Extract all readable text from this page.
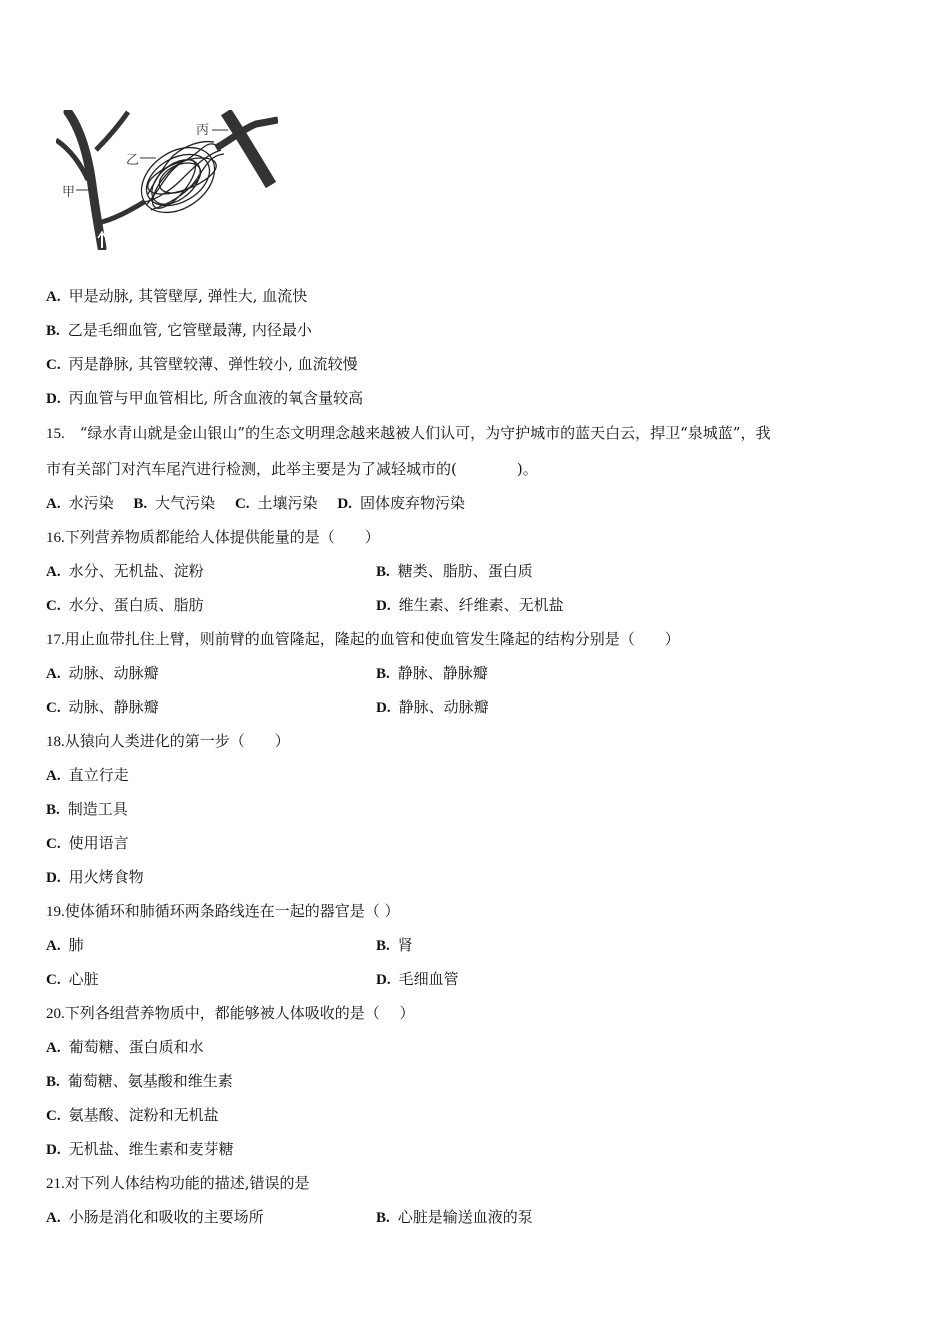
甲
乙
丙
A. 甲是动脉, 其管壁厚, 弹性大, 血流快
B. 乙是毛细血管, 它管壁最薄, 内径最小
C. 丙是静脉, 其管壁较薄、弹性较小, 血流较慢
D. 丙血管与甲血管相比, 所含血液的氧含量较高
15.　 “绿水青山就是金山银山”的生态文明理念越来越被人们认可，为守护城市的蓝天白云，捍卫“泉城蓝”，我
市有关部门对汽车尾汽进行检测，此举主要是为了减轻城市的(　　　　)。
A. 水污染　 B. 大气污染　 C. 土壤污染　 D. 固体废弃物污染
16.下列营养物质都能给人体提供能量的是（　　）
A. 水分、无机盐、淀粉	B. 糖类、脂肪、蛋白质
C. 水分、蛋白质、脂肪	D. 维生素、纤维素、无机盐
17.用止血带扎住上臂，则前臂的血管隆起，隆起的血管和使血管发生隆起的结构分别是（　　）
A. 动脉、动脉瓣	B. 静脉、静脉瓣
C. 动脉、静脉瓣	D. 静脉、动脉瓣
18.从猿向人类进化的第一步（　　）
A. 直立行走
B. 制造工具
C. 使用语言
D. 用火烤食物
19.使体循环和肺循环两条路线连在一起的器官是（ ）
A. 肺	B. 肾
C. 心脏	D. 毛细血管
20.下列各组营养物质中，都能够被人体吸收的是（　 ）
A. 葡萄糖、蛋白质和水
B. 葡萄糖、氨基酸和维生素
C. 氨基酸、淀粉和无机盐
D. 无机盐、维生素和麦芽糖
21.对下列人体结构功能的描述,错误的是
A. 小肠是消化和吸收的主要场所	B. 心脏是输送血液的泵
